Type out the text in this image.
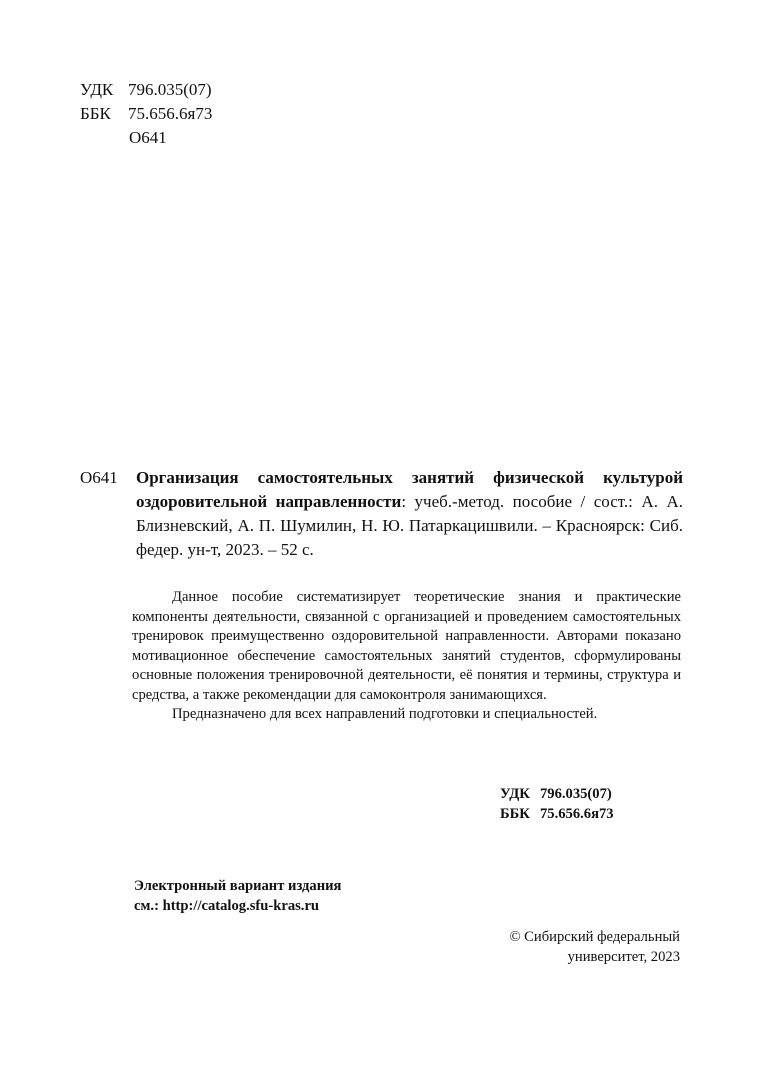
УДК 796.035(07)
ББК 75.656.6я73
О641
О641 Организация самостоятельных занятий физической культурой оздоровительной направленности: учеб.-метод. пособие / сост.: А. А. Близневский, А. П. Шумилин, Н. Ю. Патаркацишвили. – Красноярск: Сиб. федер. ун-т, 2023. – 52 с.

Данное пособие систематизирует теоретические знания и практические компоненты деятельности, связанной с организацией и проведением самостоятельных тренировок преимущественно оздоровительной направленности. Авторами показано мотивационное обеспечение самостоятельных занятий студентов, сформулированы основные положения тренировочной деятельности, её понятия и термины, структура и средства, а также рекомендации для самоконтроля занимающихся.

Предназначено для всех направлений подготовки и специальностей.

УДК 796.035(07)
ББК 75.656.6я73
Электронный вариант издания
см.: http://catalog.sfu-kras.ru
© Сибирский федеральный
университет, 2023
